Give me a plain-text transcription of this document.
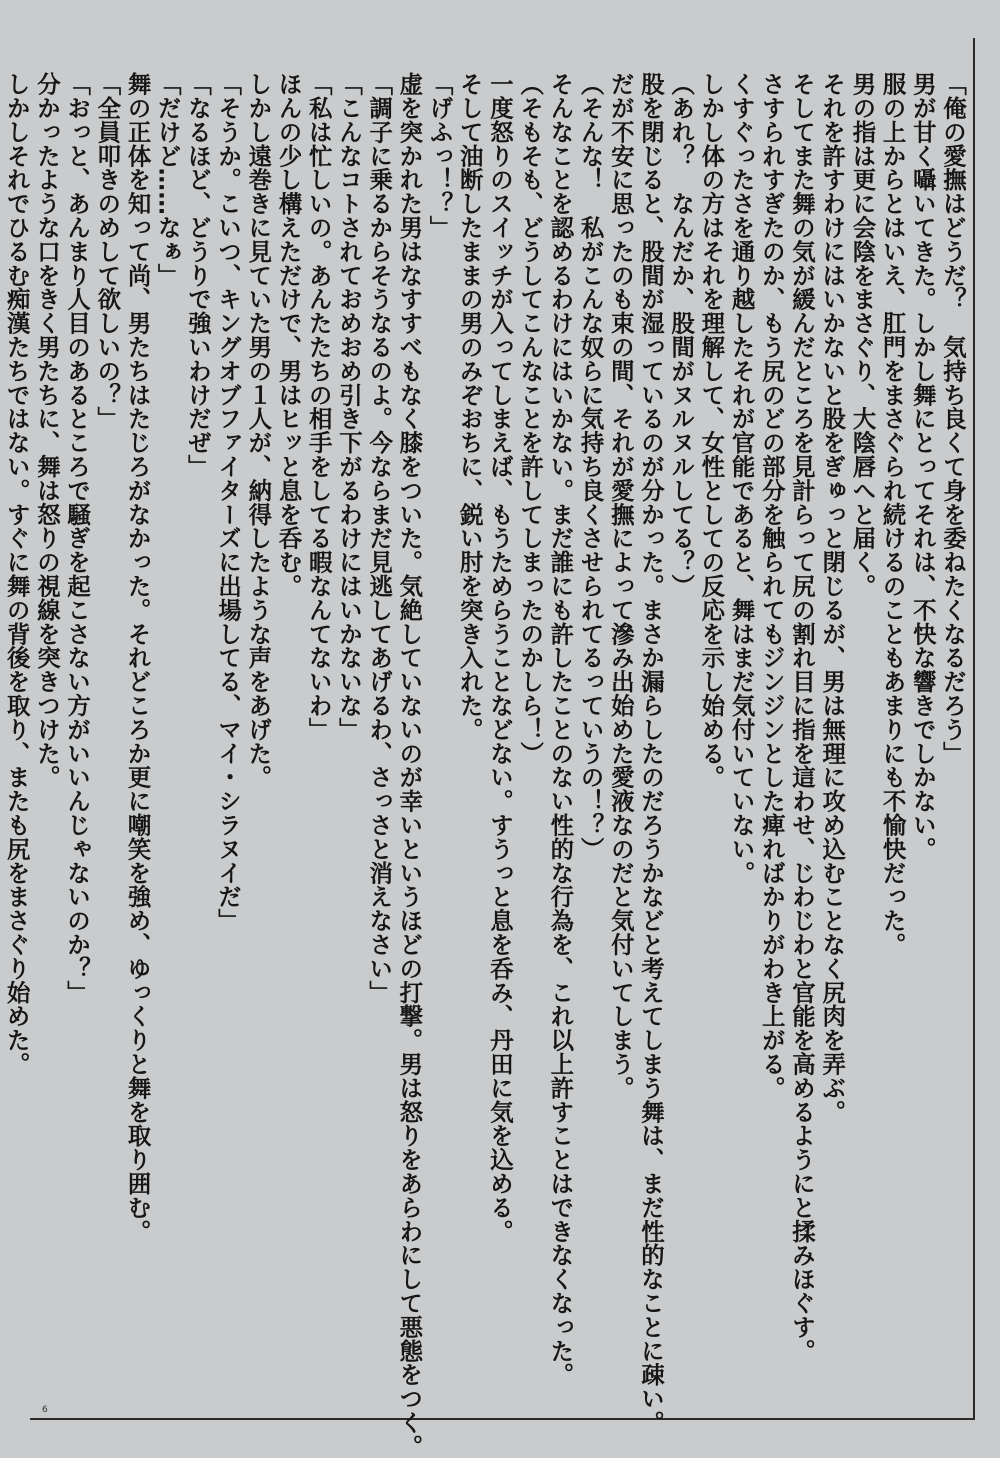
「俺の愛撫はどうだ？　気持ち良くて身を委ねたくなるだろう」
男が甘く囁いてきた。しかし舞にとってそれは、不快な響きでしかない。
服の上からとはいえ、肛門をまさぐられ続けるのこともあまりにも不愉快だった。
男の指は更に会陰をまさぐり、大陰唇へと届く。
それを許すわけにはいかないと股をぎゅっと閉じるが、男は無理に攻め込むことなく尻肉を弄ぶ。
そしてまた舞の気が緩んだところを見計らって尻の割れ目に指を這わせ、じわじわと官能を高めるようにと揉みほぐす。
さすられすぎたのか、もう尻のどの部分を触られてもジンジンとした痺ればかりがわき上がる。
くすぐったさを通り越したそれが官能であると、舞はまだ気付いていない。
しかし体の方はそれを理解して、女性としての反応を示し始める。
（あれ？　なんだか、股間がヌルヌルしてる？）
股を閉じると、股間が湿っているのが分かった。まさか漏らしたのだろうかなどと考えてしまう舞は、まだ性的なことに疎い。
だが不安に思ったのも束の間、それが愛撫によって滲み出始めた愛液なのだと気付いてしまう。
（そんな！　私がこんな奴らに気持ち良くさせられてるっていうの！？）
そんなことを認めるわけにはいかない。まだ誰にも許したことのない性的な行為を、これ以上許すことはできなくなった。
（そもそも、どうしてこんなことを許してしまったのかしら！）
一度怒りのスイッチが入ってしまえば、もうためらうことなどない。すうっと息を呑み、丹田に気を込める。
そして油断したままの男のみぞおちに、鋭い肘を突き入れた。
「げふっ！？」
虚を突かれた男はなすすべもなく膝をついた。気絶していないのが幸いというほどの打撃。男は怒りをあらわにして悪態をつく。
「調子に乗るからそうなるのよ。今ならまだ見逃してあげるわ、さっさと消えなさい」
「こんなコトされておめおめ引き下がるわけにはいかないな」
「私は忙しいの。あんたたちの相手をしてる暇なんてないわ」
ほんの少し構えただけで、男はヒッと息を呑む。
しかし遠巻きに見ていた男の１人が、納得したような声をあげた。
「そうか。こいつ、キングオブファイターズに出場してる、マイ・シラヌイだ」
「なるほど、どうりで強いわけだぜ」
「だけど……なぁ」
舞の正体を知って尚、男たちはたじろがなかった。それどころか更に嘲笑を強め、ゆっくりと舞を取り囲む。
「全員叩きのめして欲しいの？」
「おっと、あんまり人目のあるところで騒ぎを起こさない方がいいんじゃないのか？」
分かったような口をきく男たちに、舞は怒りの視線を突きつけた。
しかしそれでひるむ痴漢たちではない。すぐに舞の背後を取り、またも尻をまさぐり始めた。
6
